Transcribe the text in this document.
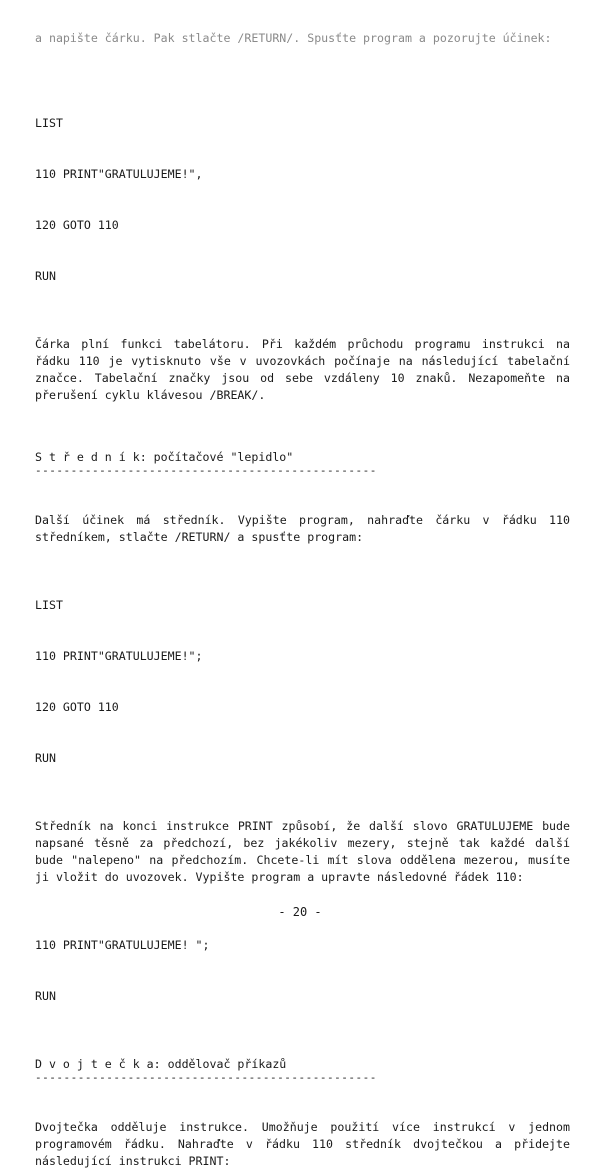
a napište čárku. Pak stlačte /RETURN/. Spusťte program a pozorujte účinek:

LIST

110 PRINT"GRATULUJEME!",

120 GOTO 110

RUN

Čárka plní funkci tabelátoru. Při každém průchodu programu instrukci na řádku 110 je vytisknuto vše v uvozovkách počínaje na následující tabelační značce. Tabelační značky jsou od sebe vzdáleny 10 znaků. Nezapomeňte na přerušení cyklu klávesou /BREAK/.

S t ř e d n í k: počítačové "lepidlo"

------------------------------------------------

Další účinek má středník. Vypište program, nahraďte čárku v řádku 110 středníkem, stlačte /RETURN/ a spusťte program:

LIST

110 PRINT"GRATULUJEME!";

120 GOTO 110

RUN

Středník na konci instrukce PRINT způsobí, že další slovo GRATULUJEME bude napsané těsně za předchozí, bez jakékoliv mezery, stejně tak každé další bude "nalepeno" na předchozím. Chcete-li mít slova oddělena mezerou, musíte ji vložit do uvozovek. Vypište program a upravte následovné řádek 110:

110 PRINT"GRATULUJEME! ";

RUN

D v o j t e č k a: oddělovač příkazů

------------------------------------------------

Dvojtečka odděluje instrukce. Umožňuje použití více instrukcí v jednom programovém řádku. Nahraďte v řádku 110 středník dvojtečkou a přidejte následující instrukci PRINT:

- 20 -
